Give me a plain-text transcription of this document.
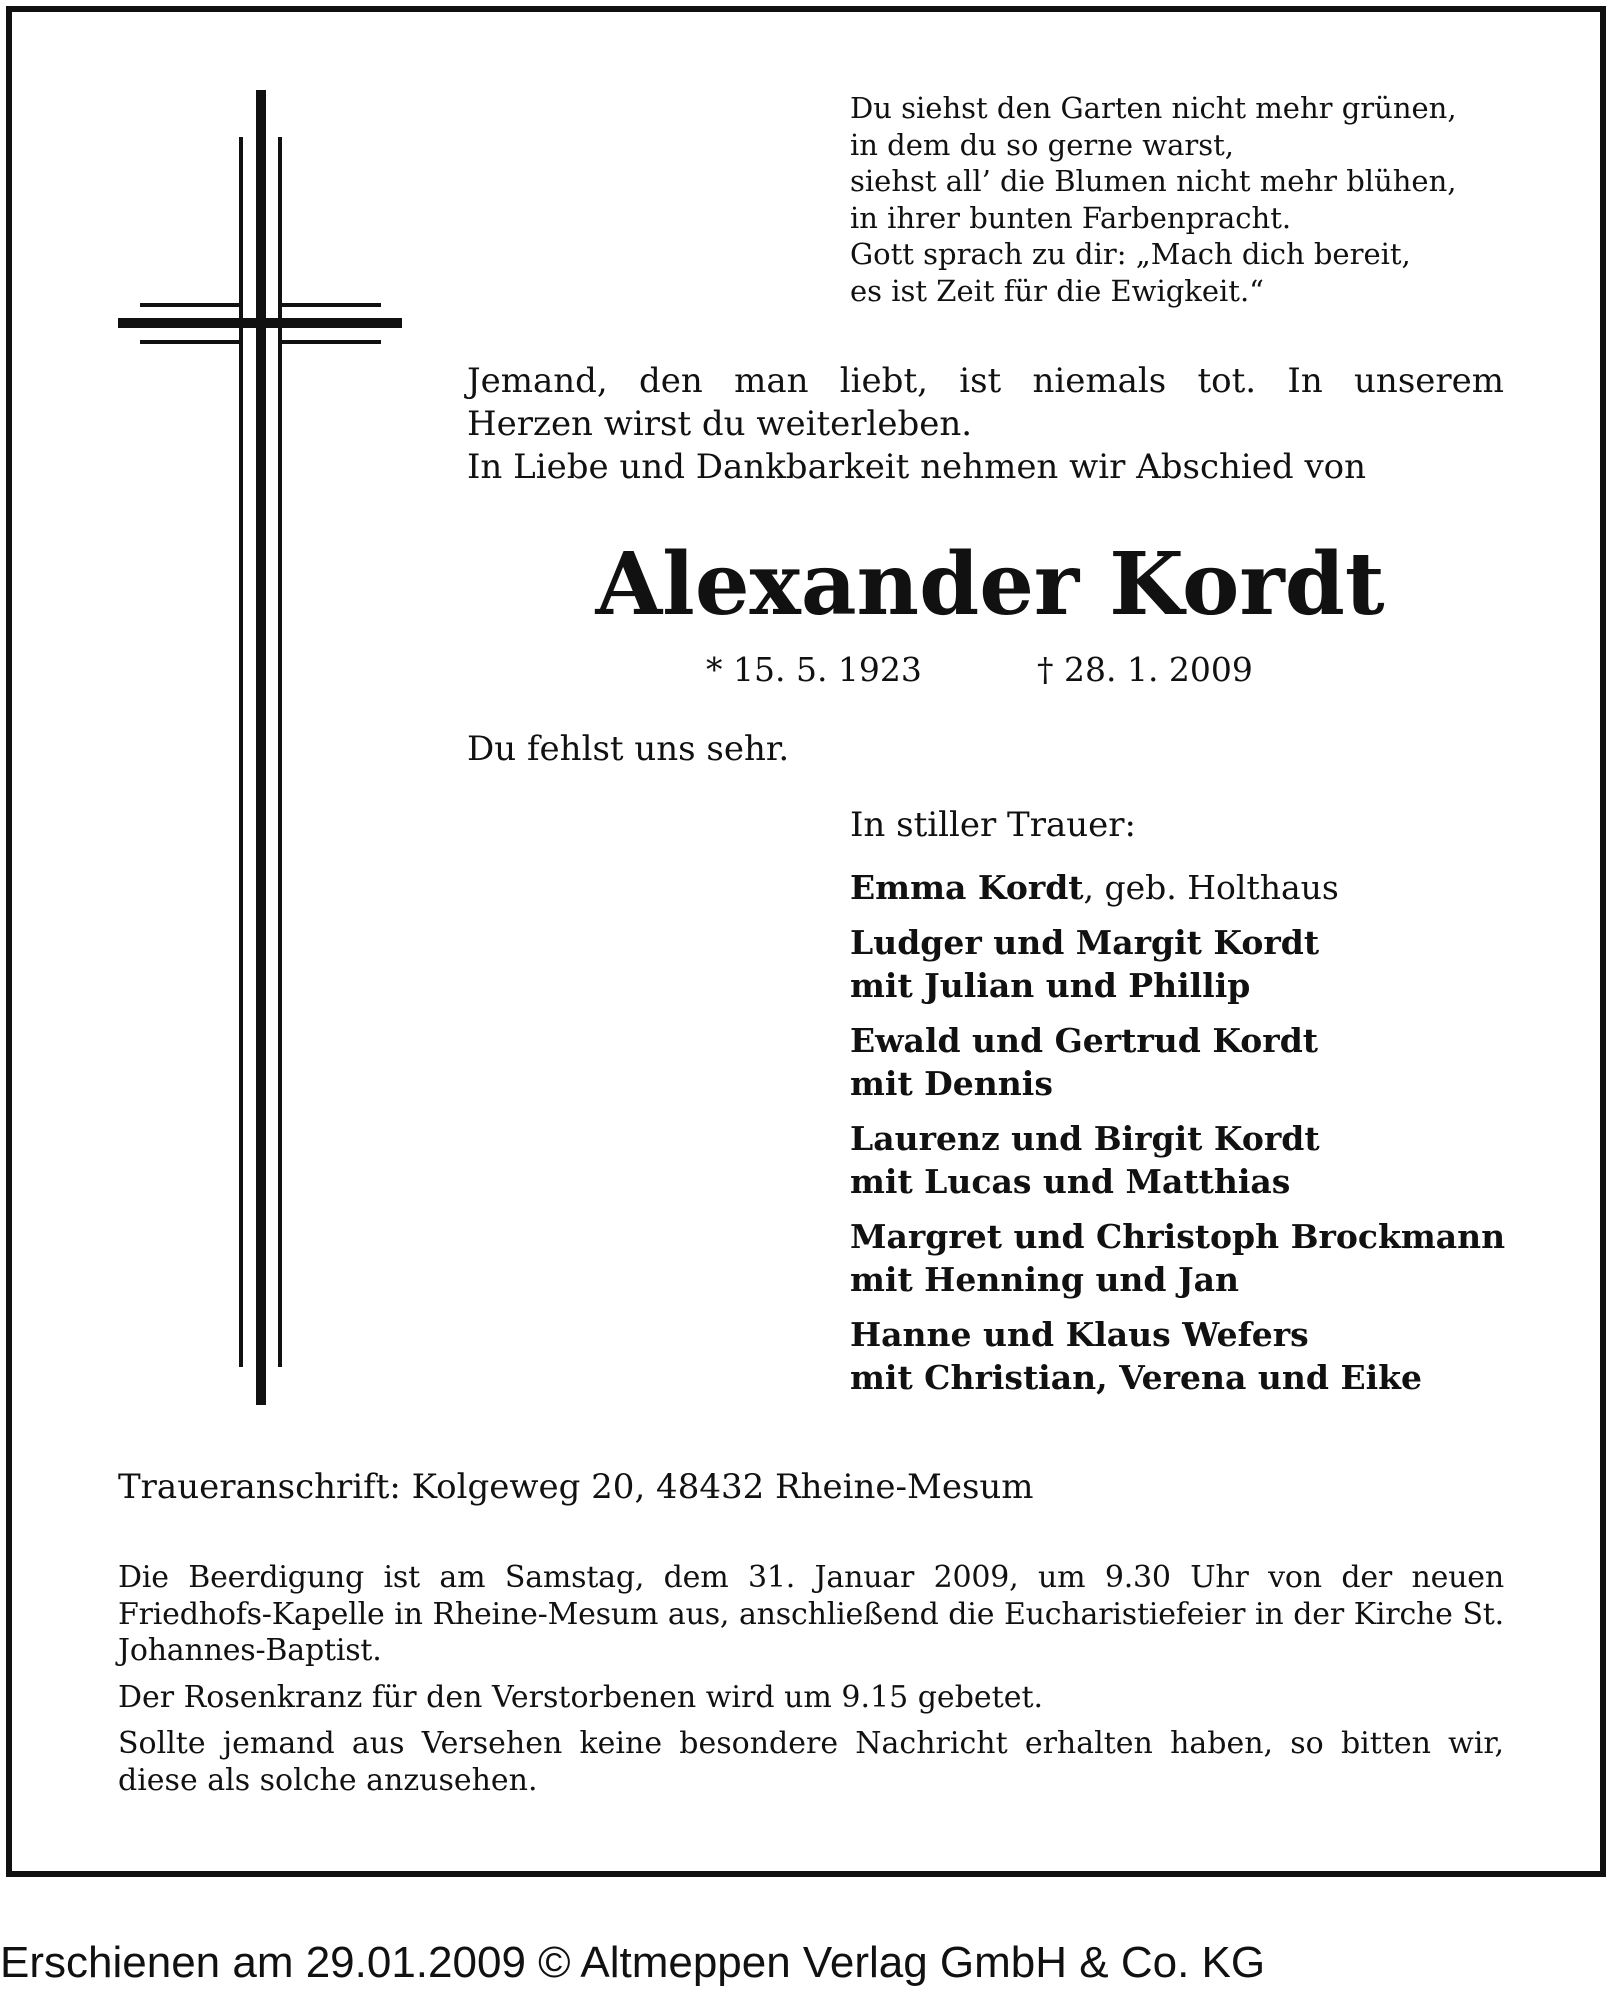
Du siehst den Garten nicht mehr grünen,
in dem du so gerne warst,
siehst all’ die Blumen nicht mehr blühen,
in ihrer bunten Farbenpracht.
Gott sprach zu dir: „Mach dich bereit,
es ist Zeit für die Ewigkeit.“
Jemand, den man liebt, ist niemals tot. In unserem
Herzen wirst du weiterleben.
In Liebe und Dankbarkeit nehmen wir Abschied von
Alexander Kordt
* 15. 5. 1923	† 28. 1. 2009
Du fehlst uns sehr.
In stiller Trauer:
Emma Kordt, geb. Holthaus
Ludger und Margit Kordt
mit Julian und Phillip
Ewald und Gertrud Kordt
mit Dennis
Laurenz und Birgit Kordt
mit Lucas und Matthias
Margret und Christoph Brockmann
mit Henning und Jan
Hanne und Klaus Wefers
mit Christian, Verena und Eike
Traueranschrift: Kolgeweg 20, 48432 Rheine-Mesum

Die Beerdigung ist am Samstag, dem 31. Januar 2009, um 9.30 Uhr von der neuen Friedhofs-Kapelle in Rheine-Mesum aus, anschließend die Eucharistiefeier in der Kirche St. Johannes-Baptist.

Der Rosenkranz für den Verstorbenen wird um 9.15 gebetet.

Sollte jemand aus Versehen keine besondere Nachricht erhalten haben, so bitten wir, diese als solche anzusehen.

Erschienen am 29.01.2009 © Altmeppen Verlag GmbH & Co. KG
